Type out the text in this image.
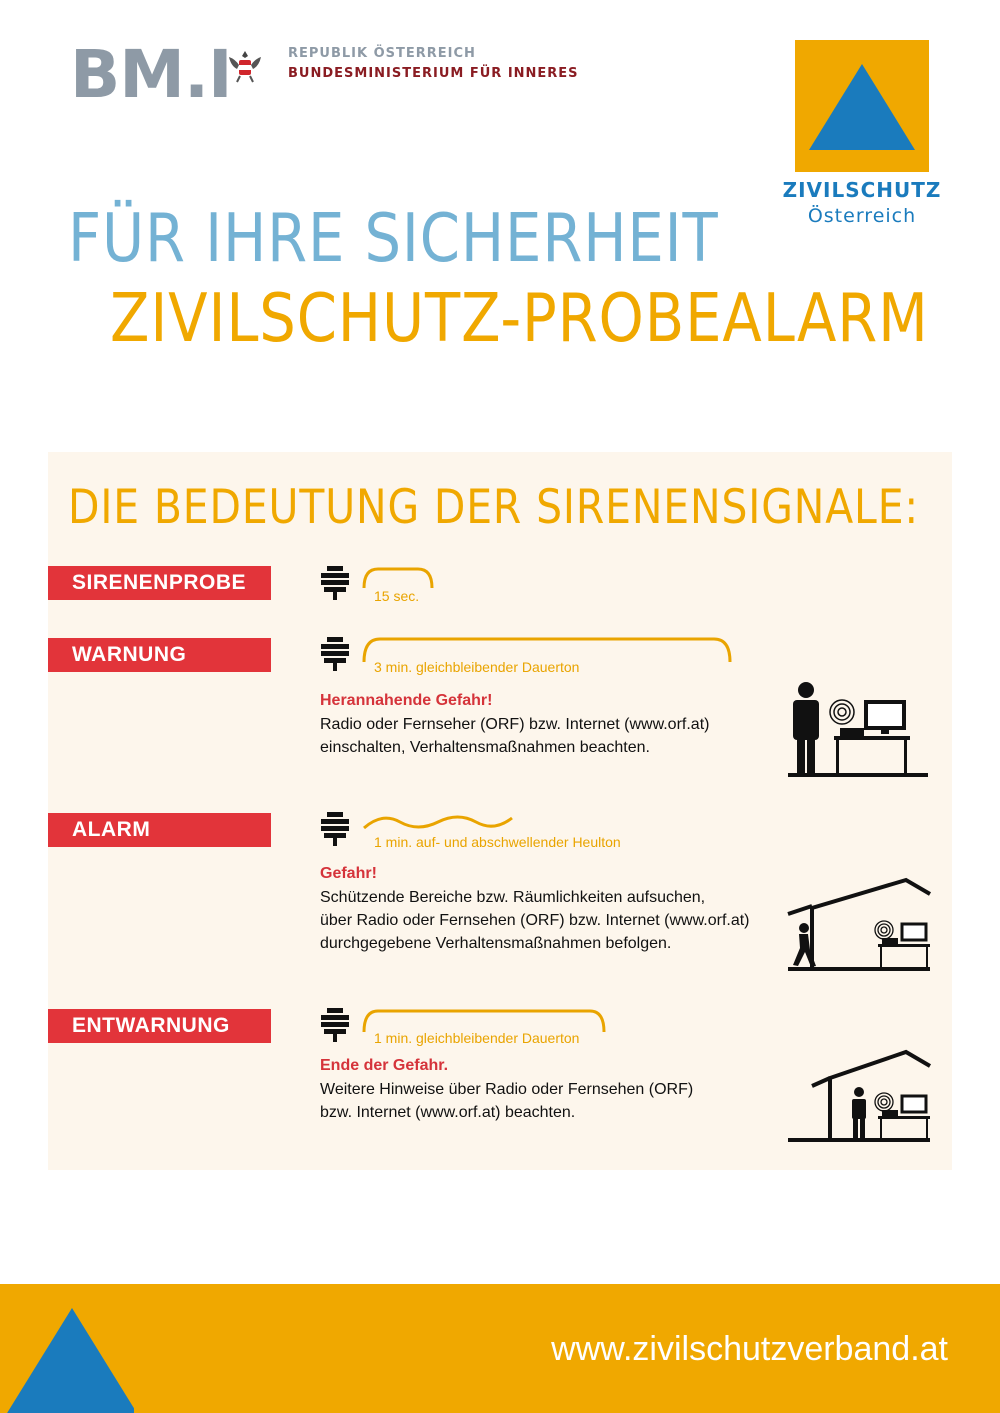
BM.I	REPUBLIK ÖSTERREICH
BUNDESMINISTERIUM FÜR INNERES
ZIVILSCHUTZ
Österreich
FÜR IHRE SICHERHEIT
ZIVILSCHUTZ-PROBEALARM
DIE BEDEUTUNG DER SIRENENSIGNALE:
SIRENENPROBE
15 sec.
WARNUNG
3 min. gleichbleibender Dauerton
Herannahende Gefahr!
Radio oder Fernseher (ORF) bzw. Internet (www.orf.at)
einschalten, Verhaltensmaßnahmen beachten.
ALARM
1 min. auf- und abschwellender Heulton
Gefahr!
Schützende Bereiche bzw. Räumlichkeiten aufsuchen,
über Radio oder Fernsehen (ORF) bzw. Internet (www.orf.at)
durchgegebene Verhaltensmaßnahmen befolgen.
ENTWARNUNG
1 min. gleichbleibender Dauerton
Ende der Gefahr.
Weitere Hinweise über Radio oder Fernsehen (ORF)
bzw. Internet (www.orf.at) beachten.
www.zivilschutzverband.at
